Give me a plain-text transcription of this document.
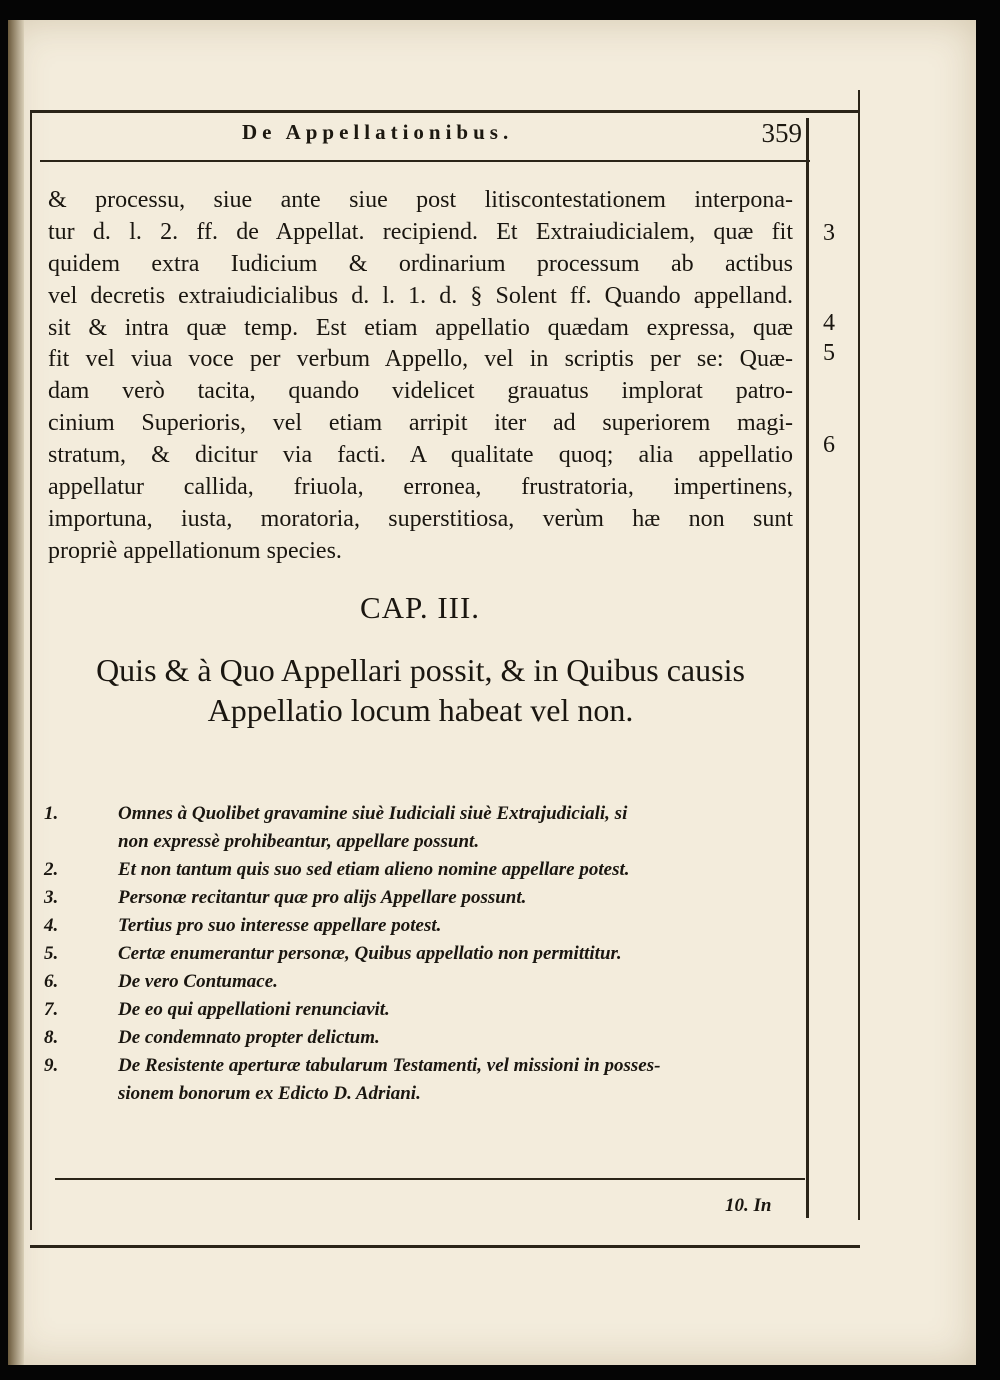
De Appellationibus.	359
& processu, siue ante siue post litiscontestationem interpona-
tur d. l. 2. ff. de Appellat. recipiend. Et Extraiudicialem, quæ fit
quidem extra Iudicium & ordinarium processum ab actibus
vel decretis extraiudicialibus d. l. 1. d. § Solent ff. Quando appelland.
sit & intra quæ temp. Est etiam appellatio quædam expressa, quæ
fit vel viua voce per verbum Appello, vel in scriptis per se: Quæ-
dam verò tacita, quando videlicet grauatus implorat patro-
cinium Superioris, vel etiam arripit iter ad superiorem magi-
stratum, & dicitur via facti. A qualitate quoq; alia appellatio
appellatur callida, friuola, erronea, frustratoria, impertinens,
importuna, iusta, moratoria, superstitiosa, verùm hæ non sunt
propriè appellationum species.
3
4
5
6
CAP. III.
Quis & à Quo Appellari possit, & in Quibus causis Appellatio locum habeat vel non.
1.	Omnes à Quolibet gravamine siuè Iudiciali siuè Extrajudiciali, si
non expressè prohibeantur, appellare possunt.
2.	Et non tantum quis suo sed etiam alieno nomine appellare potest.
3.	Personæ recitantur quæ pro alijs Appellare possunt.
4.	Tertius pro suo interesse appellare potest.
5.	Certæ enumerantur personæ, Quibus appellatio non permittitur.
6.	De vero Contumace.
7.	De eo qui appellationi renunciavit.
8.	De condemnato propter delictum.
9.	De Resistente aperturæ tabularum Testamenti, vel missioni in posses-
sionem bonorum ex Edicto D. Adriani.
10. In
